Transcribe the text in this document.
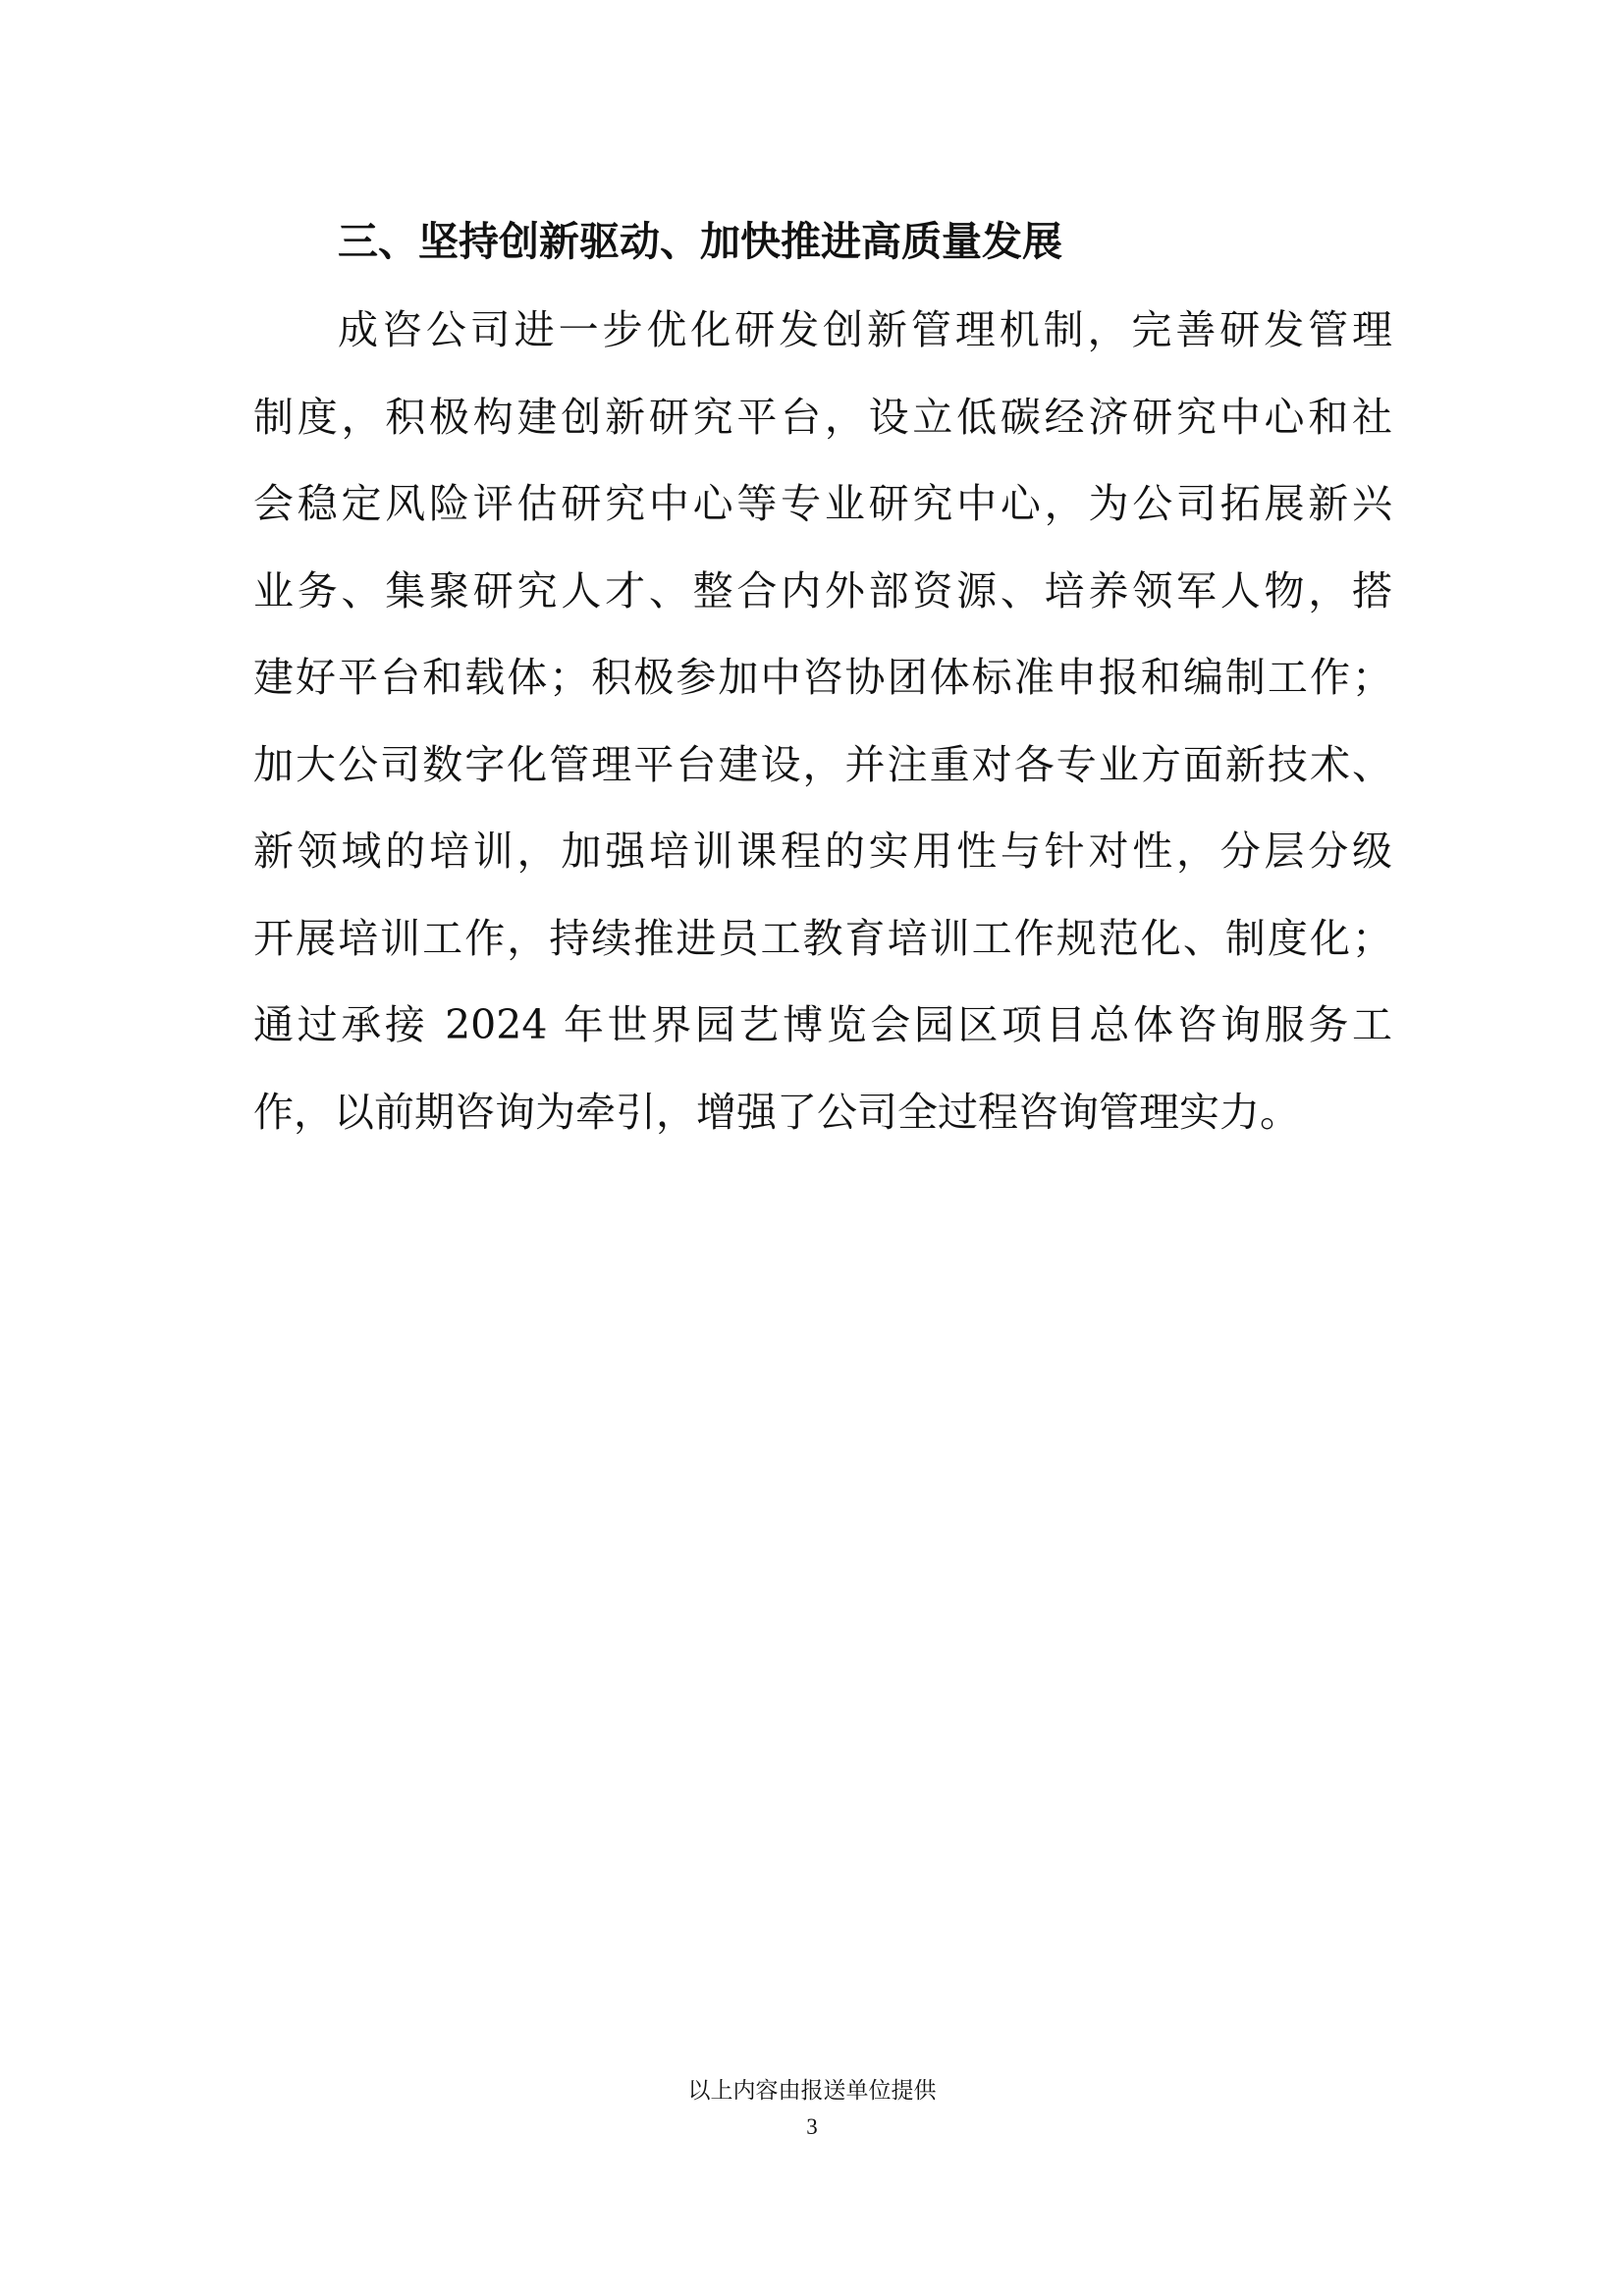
三、坚持创新驱动、加快推进高质量发展
成咨公司进一步优化研发创新管理机制，完善研发管理
制度，积极构建创新研究平台，设立低碳经济研究中心和社
会稳定风险评估研究中心等专业研究中心，为公司拓展新兴
业务、集聚研究人才、整合内外部资源、培养领军人物，搭
建好平台和载体；积极参加中咨协团体标准申报和编制工作；
加大公司数字化管理平台建设，并注重对各专业方面新技术、
新领域的培训，加强培训课程的实用性与针对性，分层分级
开展培训工作，持续推进员工教育培训工作规范化、制度化；
通过承接 2024 年世界园艺博览会园区项目总体咨询服务工
作，以前期咨询为牵引，增强了公司全过程咨询管理实力。
以上内容由报送单位提供
3
